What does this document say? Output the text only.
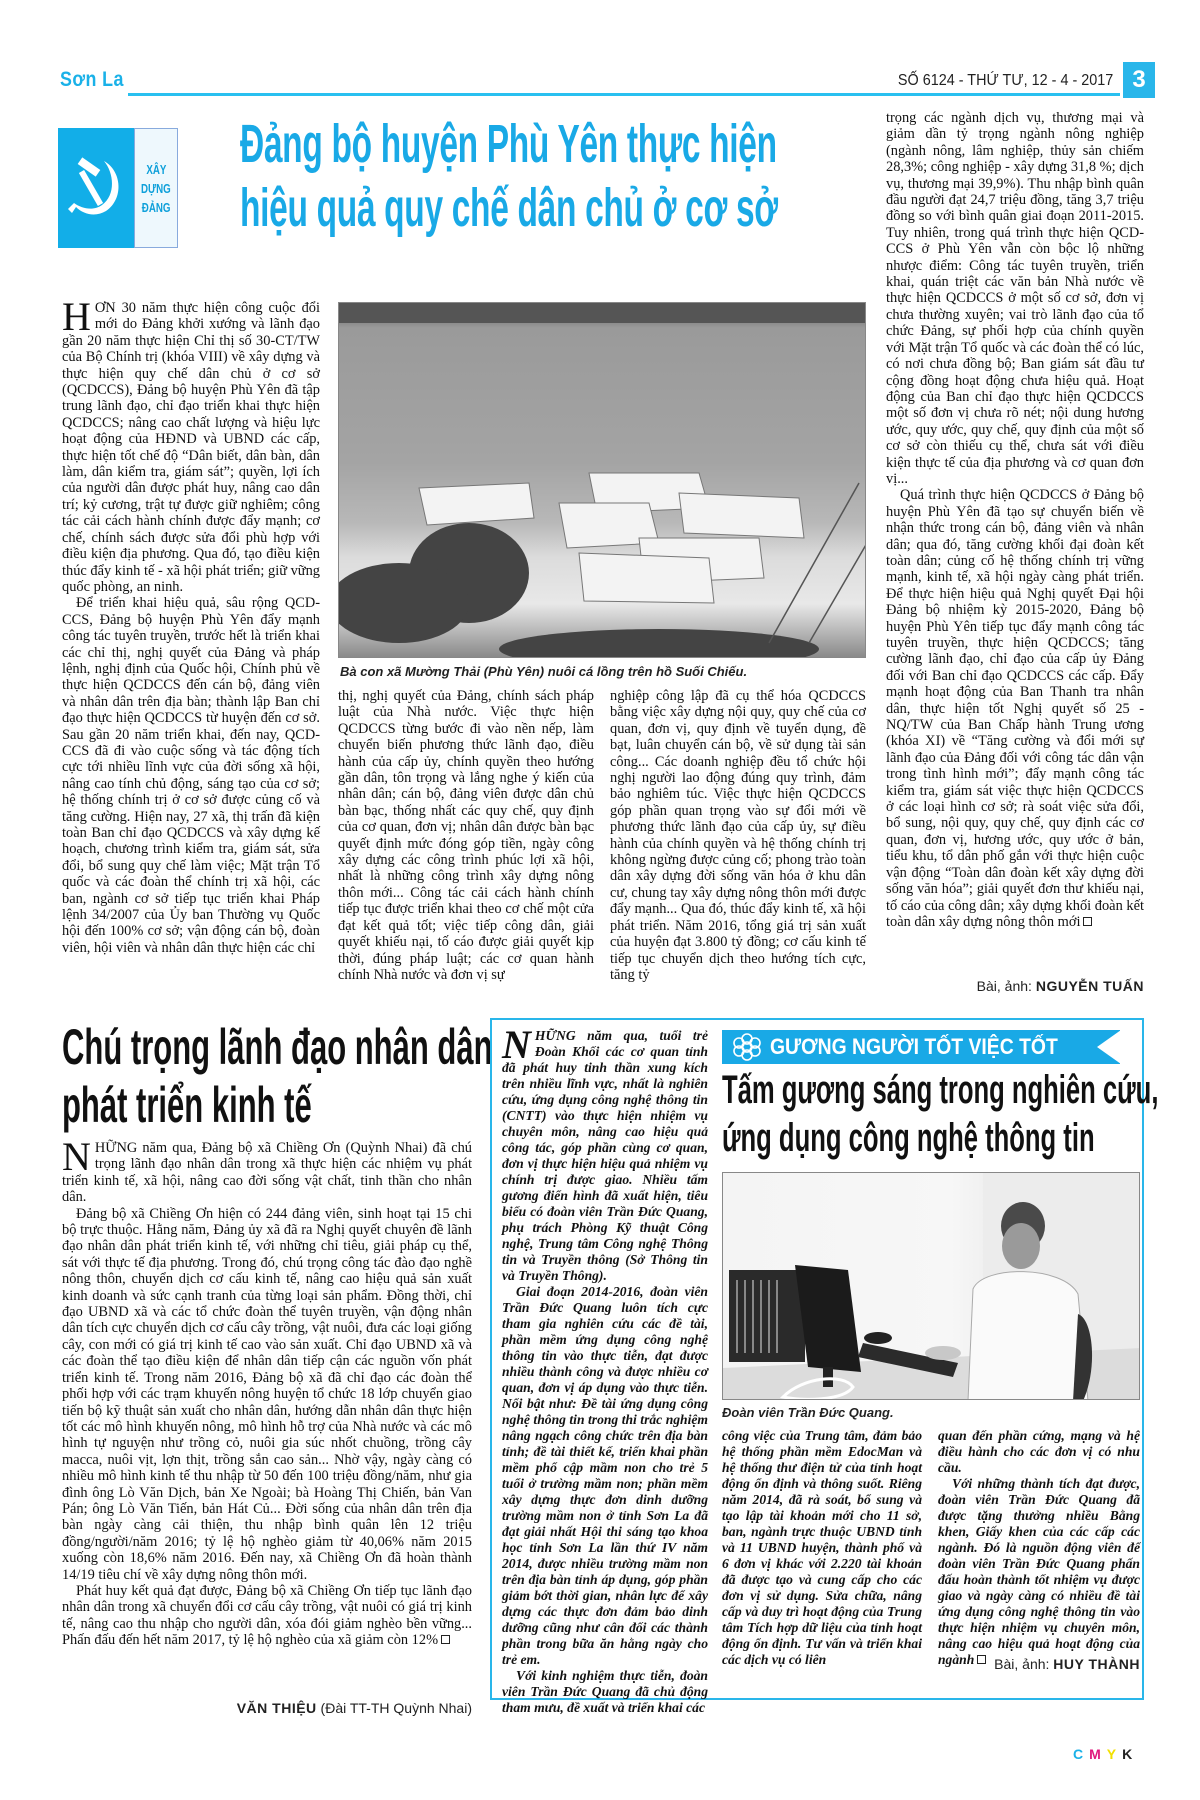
Sơn La	SỐ 6124 - THỨ TƯ, 12 - 4 - 2017 3
XÂY
DỰNG
ĐẢNG
Đảng bộ huyện Phù Yên thực hiện
hiệu quả quy chế dân chủ ở cơ sở

HƠN 30 năm thực hiện công cuộc đổi mới do Đảng khởi xướng và lãnh đạo gần 20 năm thực hiện Chỉ thị số 30-CT/TW của Bộ Chính trị (khóa VIII) về xây dựng và thực hiện quy chế dân chủ ở cơ sở (QCDCCS), Đảng bộ huyện Phù Yên đã tập trung lãnh đạo, chỉ đạo triển khai thực hiện QCDCCS; nâng cao chất lượng và hiệu lực hoạt động của HĐND và UBND các cấp, thực hiện tốt chế độ “Dân biết, dân bàn, dân làm, dân kiểm tra, giám sát”; quyền, lợi ích của người dân được phát huy, nâng cao dân trí; kỷ cương, trật tự được giữ nghiêm; công tác cải cách hành chính được đẩy mạnh; cơ chế, chính sách được sửa đổi phù hợp với điều kiện địa phương. Qua đó, tạo điều kiện thúc đẩy kinh tế - xã hội phát triển; giữ vững quốc phòng, an ninh.

Để triển khai hiệu quả, sâu rộng QCD-CCS, Đảng bộ huyện Phù Yên đẩy mạnh công tác tuyên truyền, trước hết là triển khai các chỉ thị, nghị quyết của Đảng và pháp lệnh, nghị định của Quốc hội, Chính phủ về thực hiện QCDCCS đến cán bộ, đảng viên và nhân dân trên địa bàn; thành lập Ban chỉ đạo thực hiện QCDCCS từ huyện đến cơ sở. Sau gần 20 năm triển khai, đến nay, QCD-CCS đã đi vào cuộc sống và tác động tích cực tới nhiều lĩnh vực của đời sống xã hội, nâng cao tính chủ động, sáng tạo của cơ sở; hệ thống chính trị ở cơ sở được củng cố và tăng cường. Hiện nay, 27 xã, thị trấn đã kiện toàn Ban chỉ đạo QCDCCS và xây dựng kế hoạch, chương trình kiểm tra, giám sát, sửa đổi, bổ sung quy chế làm việc; Mặt trận Tổ quốc và các đoàn thể chính trị xã hội, các ban, ngành cơ sở tiếp tục triển khai Pháp lệnh 34/2007 của Ủy ban Thường vụ Quốc hội đến 100% cơ sở; vận động cán bộ, đoàn viên, hội viên và nhân dân thực hiện các chỉ

Bà con xã Mường Thải (Phù Yên) nuôi cá lồng trên hồ Suối Chiếu.

thị, nghị quyết của Đảng, chính sách pháp luật của Nhà nước. Việc thực hiện QCDCCS từng bước đi vào nền nếp, làm chuyển biến phương thức lãnh đạo, điều hành của cấp ủy, chính quyền theo hướng gần dân, tôn trọng và lắng nghe ý kiến của nhân dân; cán bộ, đảng viên được dân chủ bàn bạc, thống nhất các quy chế, quy định của cơ quan, đơn vị; nhân dân được bàn bạc quyết định mức đóng góp tiền, ngày công xây dựng các công trình phúc lợi xã hội, nhất là những công trình xây dựng nông thôn mới... Công tác cải cách hành chính tiếp tục được triển khai theo cơ chế một cửa đạt kết quả tốt; việc tiếp công dân, giải quyết khiếu nại, tố cáo được giải quyết kịp thời, đúng pháp luật; các cơ quan hành chính Nhà nước và đơn vị sự

nghiệp công lập đã cụ thể hóa QCDCCS bằng việc xây dựng nội quy, quy chế của cơ quan, đơn vị, quy định về tuyển dụng, đề bạt, luân chuyển cán bộ, về sử dụng tài sản công... Các doanh nghiệp đều tổ chức hội nghị người lao động đúng quy trình, đảm bảo nghiêm túc. Việc thực hiện QCDCCS góp phần quan trọng vào sự đổi mới về phương thức lãnh đạo của cấp ủy, sự điều hành của chính quyền và hệ thống chính trị không ngừng được củng cố; phong trào toàn dân xây dựng đời sống văn hóa ở khu dân cư, chung tay xây dựng nông thôn mới được đẩy mạnh... Qua đó, thúc đẩy kinh tế, xã hội phát triển. Năm 2016, tổng giá trị sản xuất của huyện đạt 3.800 tỷ đồng; cơ cấu kinh tế tiếp tục chuyển dịch theo hướng tích cực, tăng tỷ

trọng các ngành dịch vụ, thương mại và giảm dần tỷ trọng ngành nông nghiệp (ngành nông, lâm nghiệp, thủy sản chiếm 28,3%; công nghiệp - xây dựng 31,8 %; dịch vụ, thương mại 39,9%). Thu nhập bình quân đầu người đạt 24,7 triệu đồng, tăng 3,7 triệu đồng so với bình quân giai đoạn 2011-2015. Tuy nhiên, trong quá trình thực hiện QCD-CCS ở Phù Yên vẫn còn bộc lộ những nhược điểm: Công tác tuyên truyền, triển khai, quán triệt các văn bản Nhà nước về thực hiện QCDCCS ở một số cơ sở, đơn vị chưa thường xuyên; vai trò lãnh đạo của tổ chức Đảng, sự phối hợp của chính quyền với Mặt trận Tổ quốc và các đoàn thể có lúc, có nơi chưa đồng bộ; Ban giám sát đầu tư cộng đồng hoạt động chưa hiệu quả. Hoạt động của Ban chỉ đạo thực hiện QCDCCS một số đơn vị chưa rõ nét; nội dung hương ước, quy ước, quy chế, quy định của một số cơ sở còn thiếu cụ thể, chưa sát với điều kiện thực tế của địa phương và cơ quan đơn vị...

Quá trình thực hiện QCDCCS ở Đảng bộ huyện Phù Yên đã tạo sự chuyển biến về nhận thức trong cán bộ, đảng viên và nhân dân; qua đó, tăng cường khối đại đoàn kết toàn dân; củng cố hệ thống chính trị vững mạnh, kinh tế, xã hội ngày càng phát triển. Để thực hiện hiệu quả Nghị quyết Đại hội Đảng bộ nhiệm kỳ 2015-2020, Đảng bộ huyện Phù Yên tiếp tục đẩy mạnh công tác tuyên truyền, thực hiện QCDCCS; tăng cường lãnh đạo, chỉ đạo của cấp ủy Đảng đối với Ban chỉ đạo QCDCCS các cấp. Đẩy mạnh hoạt động của Ban Thanh tra nhân dân, thực hiện tốt Nghị quyết số 25 - NQ/TW của Ban Chấp hành Trung ương (khóa XI) về “Tăng cường và đổi mới sự lãnh đạo của Đảng đối với công tác dân vận trong tình hình mới”; đẩy mạnh công tác kiểm tra, giám sát việc thực hiện QCDCCS ở các loại hình cơ sở; rà soát việc sửa đổi, bổ sung, nội quy, quy chế, quy định các cơ quan, đơn vị, hương ước, quy ước ở bản, tiểu khu, tổ dân phố gắn với thực hiện cuộc vận động “Toàn dân đoàn kết xây dựng đời sống văn hóa”; giải quyết đơn thư khiếu nại, tố cáo của công dân; xây dựng khối đoàn kết toàn dân xây dựng nông thôn mới

Bài, ảnh: NGUYỄN TUẤN
Chú trọng lãnh đạo nhân dân
phát triển kinh tế

NHỮNG năm qua, Đảng bộ xã Chiềng Ơn (Quỳnh Nhai) đã chú trọng lãnh đạo nhân dân trong xã thực hiện các nhiệm vụ phát triển kinh tế, xã hội, nâng cao đời sống vật chất, tinh thần cho nhân dân.

Đảng bộ xã Chiềng Ơn hiện có 244 đảng viên, sinh hoạt tại 15 chi bộ trực thuộc. Hằng năm, Đảng ủy xã đã ra Nghị quyết chuyên đề lãnh đạo nhân dân phát triển kinh tế, với những chỉ tiêu, giải pháp cụ thể, sát với thực tế địa phương. Trong đó, chú trọng công tác đào đạo nghề nông thôn, chuyển dịch cơ cấu kinh tế, nâng cao hiệu quả sản xuất kinh doanh và sức cạnh tranh của từng loại sản phẩm. Đồng thời, chỉ đạo UBND xã và các tổ chức đoàn thể tuyên truyền, vận động nhân dân tích cực chuyển dịch cơ cấu cây trồng, vật nuôi, đưa các loại giống cây, con mới có giá trị kinh tế cao vào sản xuất. Chỉ đạo UBND xã và các đoàn thể tạo điều kiện để nhân dân tiếp cận các nguồn vốn phát triển kinh tế. Trong năm 2016, Đảng bộ xã đã chỉ đạo các đoàn thể phối hợp với các trạm khuyến nông huyện tổ chức 18 lớp chuyển giao tiến bộ kỹ thuật sản xuất cho nhân dân, hướng dẫn nhân dân thực hiện tốt các mô hình khuyến nông, mô hình hỗ trợ của Nhà nước và các mô hình tự nguyện như trồng cỏ, nuôi gia súc nhốt chuồng, trồng cây macca, nuôi vịt, lợn thịt, trồng sắn cao sản... Nhờ vậy, ngày càng có nhiều mô hình kinh tế thu nhập từ 50 đến 100 triệu đồng/năm, như gia đình ông Lò Văn Dịch, bản Xe Ngoài; bà Hoàng Thị Chiến, bản Van Pán; ông Lò Văn Tiến, bản Hát Củ... Đời sống của nhân dân trên địa bàn ngày càng cải thiện, thu nhập bình quân lên 12 triệu đồng/người/năm 2016; tỷ lệ hộ nghèo giảm từ 40,06% năm 2015 xuống còn 18,6% năm 2016. Đến nay, xã Chiềng Ơn đã hoàn thành 14/19 tiêu chí về xây dựng nông thôn mới.

Phát huy kết quả đạt được, Đảng bộ xã Chiềng Ơn tiếp tục lãnh đạo nhân dân trong xã chuyển đổi cơ cấu cây trồng, vật nuôi có giá trị kinh tế, nâng cao thu nhập cho người dân, xóa đói giảm nghèo bền vững... Phấn đấu đến hết năm 2017, tỷ lệ hộ nghèo của xã giảm còn 12%

VĂN THIỆU (Đài TT-TH Quỳnh Nhai)

NHỮNG năm qua, tuổi trẻ Đoàn Khối các cơ quan tỉnh đã phát huy tinh thần xung kích trên nhiều lĩnh vực, nhất là nghiên cứu, ứng dụng công nghệ thông tin (CNTT) vào thực hiện nhiệm vụ chuyên môn, nâng cao hiệu quả công tác, góp phần cùng cơ quan, đơn vị thực hiện hiệu quả nhiệm vụ chính trị được giao. Nhiều tấm gương điển hình đã xuất hiện, tiêu biểu có đoàn viên Trần Đức Quang, phụ trách Phòng Kỹ thuật Công nghệ, Trung tâm Công nghệ Thông tin và Truyền thông (Sở Thông tin và Truyền Thông).

Giai đoạn 2014-2016, đoàn viên Trần Đức Quang luôn tích cực tham gia nghiên cứu các đề tài, phần mềm ứng dụng công nghệ thông tin vào thực tiễn, đạt được nhiều thành công và được nhiều cơ quan, đơn vị áp dụng vào thực tiễn. Nổi bật như: Đề tài ứng dụng công nghệ thông tin trong thi trắc nghiệm nâng ngạch công chức trên địa bàn tỉnh; đề tài thiết kế, triển khai phần mềm phổ cập mầm non cho trẻ 5 tuổi ở trường mầm non; phần mềm xây dựng thực đơn dinh dưỡng trường mầm non ở tỉnh Sơn La đã đạt giải nhất Hội thi sáng tạo khoa học tỉnh Sơn La lần thứ IV năm 2014, được nhiều trường mầm non trên địa bàn tỉnh áp dụng, góp phần giảm bớt thời gian, nhân lực để xây dựng các thực đơn đảm bảo dinh dưỡng cũng như cân đối các thành phần trong bữa ăn hằng ngày cho trẻ em.

Với kinh nghiệm thực tiễn, đoàn viên Trần Đức Quang đã chủ động tham mưu, đề xuất và triển khai các

GƯƠNG NGƯỜI TỐT VIỆC TỐT
Tấm gương sáng trong nghiên cứu,
ứng dụng công nghệ thông tin
Đoàn viên Trần Đức Quang.

công việc của Trung tâm, đảm bảo hệ thống phần mềm EdocMan và hệ thống thư điện tử của tỉnh hoạt động ổn định và thông suốt. Riêng năm 2014, đã rà soát, bổ sung và tạo lập tài khoản mới cho 11 sở, ban, ngành trực thuộc UBND tỉnh và 11 UBND huyện, thành phố và 6 đơn vị khác với 2.220 tài khoản đã được tạo và cung cấp cho các đơn vị sử dụng. Sửa chữa, nâng cấp và duy trì hoạt động của Trung tâm Tích hợp dữ liệu của tỉnh hoạt động ổn định. Tư vấn và triển khai các dịch vụ có liên

quan đến phần cứng, mạng và hệ điều hành cho các đơn vị có nhu cầu.

Với những thành tích đạt được, đoàn viên Trần Đức Quang đã được tặng thưởng nhiều Bằng khen, Giấy khen của các cấp các ngành. Đó là nguồn động viên để đoàn viên Trần Đức Quang phấn đấu hoàn thành tốt nhiệm vụ được giao và ngày càng có nhiều đề tài ứng dụng công nghệ thông tin vào thực hiện nhiệm vụ chuyên môn, nâng cao hiệu quả hoạt động của ngành	Bài, ảnh: HUY THÀNH
CMYK
